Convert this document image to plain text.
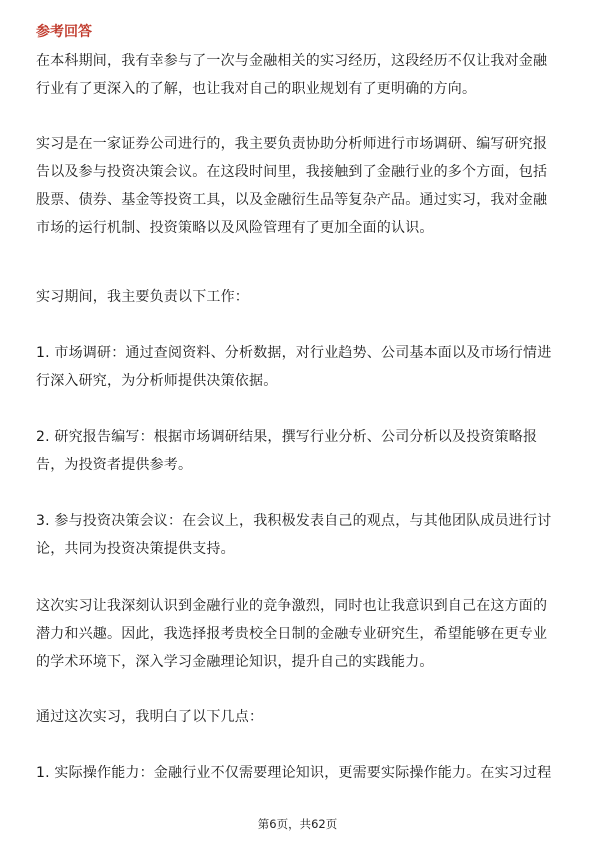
参考回答

在本科期间，我有幸参与了一次与金融相关的实习经历，这段经历不仅让我对金融行业有了更深入的了解，也让我对自己的职业规划有了更明确的方向。

实习是在一家证券公司进行的，我主要负责协助分析师进行市场调研、编写研究报告以及参与投资决策会议。在这段时间里，我接触到了金融行业的多个方面，包括股票、债券、基金等投资工具，以及金融衍生品等复杂产品。通过实习，我对金融市场的运行机制、投资策略以及风险管理有了更加全面的认识。

实习期间，我主要负责以下工作：

1. 市场调研：通过查阅资料、分析数据，对行业趋势、公司基本面以及市场行情进行深入研究，为分析师提供决策依据。

2. 研究报告编写：根据市场调研结果，撰写行业分析、公司分析以及投资策略报告，为投资者提供参考。

3. 参与投资决策会议：在会议上，我积极发表自己的观点，与其他团队成员进行讨论，共同为投资决策提供支持。

这次实习让我深刻认识到金融行业的竞争激烈，同时也让我意识到自己在这方面的潜力和兴趣。因此，我选择报考贵校全日制的金融专业研究生，希望能够在更专业的学术环境下，深入学习金融理论知识，提升自己的实践能力。

通过这次实习，我明白了以下几点：

1. 实际操作能力：金融行业不仅需要理论知识，更需要实际操作能力。在实习过程

第6页，共62页
